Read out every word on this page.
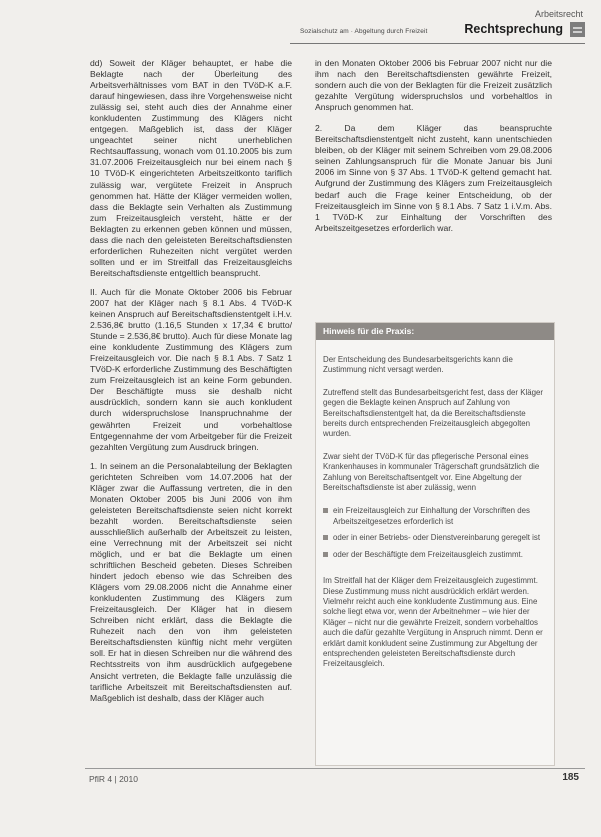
Arbeitsrecht
Sozialschutz am · Abgeltung durch Freizeit	Rechtsprechung

dd) Soweit der Kläger behauptet, er habe die Beklagte nach der Überleitung des Arbeitsverhältnisses vom BAT in den TVöD-K a.F. darauf hingewiesen, dass ihre Vorgehensweise nicht zulässig sei, steht auch dies der Annahme einer konkludenten Zustimmung des Klägers nicht entgegen. Maßgeblich ist, dass der Kläger ungeachtet seiner nicht unerheblichen Rechtsauffassung, wonach vom 01.10.2005 bis zum 31.07.2006 Freizeitausgleich nur bei einem nach § 10 TVöD-K eingerichteten Arbeitszeitkonto tariflich zulässig war, vergütete Freizeit in Anspruch genommen hat. Hätte der Kläger vermeiden wollen, dass die Beklagte sein Verhalten als Zustimmung zum Freizeitausgleich versteht, hätte er der Beklagten zu erkennen geben können und müssen, dass die nach den geleisteten Bereitschaftsdiensten erforderlichen Ruhezeiten nicht vergütet werden sollten und er im Streitfall das Freizeitausgleichs Bereitschaftsdienste entgeltlich beansprucht.

II. Auch für die Monate Oktober 2006 bis Februar 2007 hat der Kläger nach § 8.1 Abs. 4 TVöD-K keinen Anspruch auf Bereitschaftsdienstentgelt i.H.v. 2.536,8€ brutto (1.16,5 Stunden x 17,34 € brutto/ Stunde = 2.536,8€ brutto). Auch für diese Monate lag eine konkludente Zustimmung des Klägers zum Freizeitausgleich vor. Die nach § 8.1 Abs. 7 Satz 1 TVöD-K erforderliche Zustimmung des Beschäftigten zum Freizeitausgleich ist an keine Form gebunden. Der Beschäftigte muss sie deshalb nicht ausdrücklich, sondern kann sie auch konkludent durch widerspruchslose Inanspruchnahme der gewährten Freizeit und vorbehaltlose Entgegennahme der vom Arbeitgeber für die Freizeit gezahlten Vergütung zum Ausdruck bringen.

1. In seinem an die Personalabteilung der Beklagten gerichteten Schreiben vom 14.07.2006 hat der Kläger zwar die Auffassung vertreten, die in den Monaten Oktober 2005 bis Juni 2006 von ihm geleisteten Bereitschaftsdienste seien nicht korrekt bezahlt worden. Bereitschaftsdienste seien ausschließlich außerhalb der Arbeitszeit zu leisten, eine Verrechnung mit der Arbeitszeit sei nicht möglich, und er bat die Beklagte um einen schriftlichen Bescheid gebeten. Dieses Schreiben hindert jedoch ebenso wie das Schreiben des Klägers vom 29.08.2006 nicht die Annahme einer konkludenten Zustimmung des Klägers zum Freizeitausgleich. Der Kläger hat in diesem Schreiben nicht erklärt, dass die Beklagte die Ruhezeit nach den von ihm geleisteten Bereitschaftsdiensten künftig nicht mehr vergüten soll. Er hat in diesen Schreiben nur die während des Rechtsstreits von ihm ausdrücklich aufgegebene Ansicht vertreten, die Beklagte falle unzulässig die tarifliche Arbeitszeit mit Bereitschaftsdiensten auf. Maßgeblich ist deshalb, dass der Kläger auch

in den Monaten Oktober 2006 bis Februar 2007 nicht nur die ihm nach den Bereitschaftsdiensten gewährte Freizeit, sondern auch die von der Beklagten für die Freizeit zusätzlich gezahlte Vergütung widerspruchslos und vorbehaltlos in Anspruch genommen hat.

2. Da dem Kläger das beanspruchte Bereitschaftsdienstentgelt nicht zusteht, kann unentschieden bleiben, ob der Kläger mit seinem Schreiben vom 29.08.2006 seinen Zahlungsanspruch für die Monate Januar bis Juni 2006 im Sinne von § 37 Abs. 1 TVöD-K geltend gemacht hat. Aufgrund der Zustimmung des Klägers zum Freizeitausgleich bedarf auch die Frage keiner Entscheidung, ob der Freizeitausgleich im Sinne von § 8.1 Abs. 7 Satz 1 i.V.m. Abs. 1 TVöD-K zur Einhaltung der Vorschriften des Arbeitszeitgesetzes erforderlich war.

Hinweis für die Praxis:

Der Entscheidung des Bundesarbeitsgerichts kann die Zustimmung nicht versagt werden.

Zutreffend stellt das Bundesarbeitsgericht fest, dass der Kläger gegen die Beklagte keinen Anspruch auf Zahlung von Bereitschaftsdienstentgelt hat, da die Bereitschaftsdienste bereits durch entsprechenden Freizeitausgleich abgegolten wurden.

Zwar sieht der TVöD-K für das pflegerische Personal eines Krankenhauses in kommunaler Trägerschaft grundsätzlich die Zahlung von Bereitschaftsentgelt vor. Eine Abgeltung der Bereitschaftsdienste ist aber zulässig, wenn

ein Freizeitausgleich zur Einhaltung der Vorschriften des Arbeitszeitgesetzes erforderlich ist
oder in einer Betriebs- oder Dienstvereinbarung geregelt ist
oder der Beschäftigte dem Freizeitausgleich zustimmt.

Im Streitfall hat der Kläger dem Freizeitausgleich zugestimmt. Diese Zustimmung muss nicht ausdrücklich erklärt werden. Vielmehr reicht auch eine konkludente Zustimmung aus. Eine solche liegt etwa vor, wenn der Arbeitnehmer – wie hier der Kläger – nicht nur die gewährte Freizeit, sondern vorbehaltlos auch die dafür gezahlte Vergütung in Anspruch nimmt. Denn er erklärt damit konkludent seine Zustimmung zur Abgeltung der entsprechenden geleisteten Bereitschaftsdienste durch Freizeitausgleich.

PflR 4 | 2010	185
